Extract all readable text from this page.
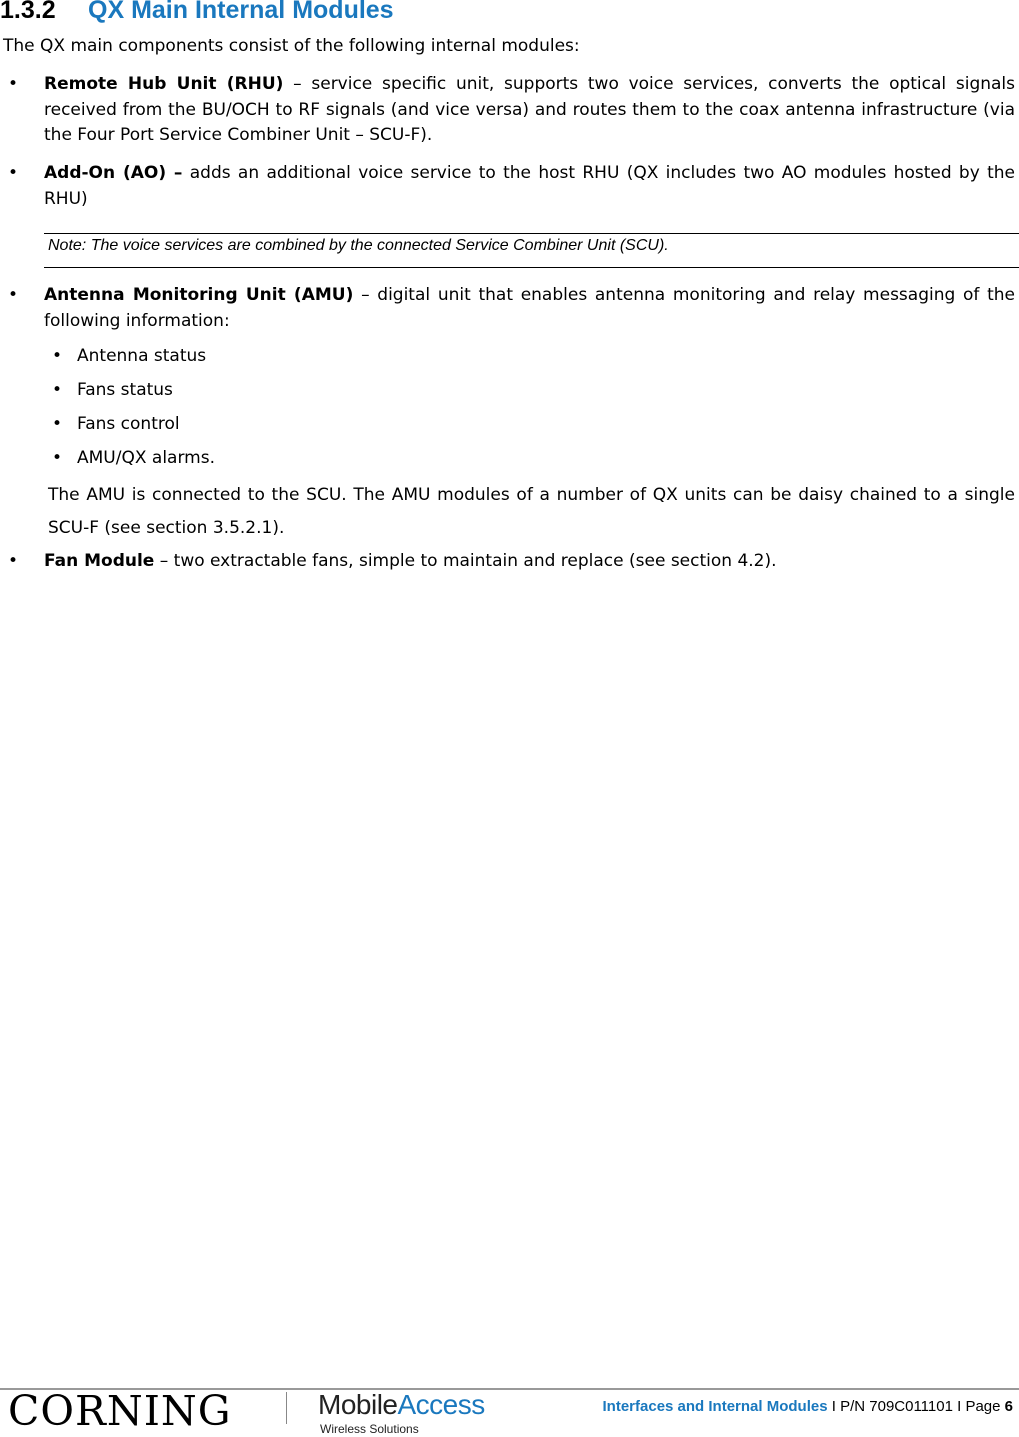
1.3.2 QX Main Internal Modules
The QX main components consist of the following internal modules:
• Remote Hub Unit (RHU) – service specific unit, supports two voice services, converts the optical signals received from the BU/OCH to RF signals (and vice versa) and routes them to the coax antenna infrastructure (via the Four Port Service Combiner Unit – SCU-F).
• Add-On (AO) – adds an additional voice service to the host RHU (QX includes two AO modules hosted by the RHU)
Note: The voice services are combined by the connected Service Combiner Unit (SCU).
• Antenna Monitoring Unit (AMU) – digital unit that enables antenna monitoring and relay messaging of the following information:
• Antenna status
• Fans status
• Fans control
• AMU/QX alarms.
The AMU is connected to the SCU. The AMU modules of a number of QX units can be daisy chained to a single SCU-F (see section 3.5.2.1).
• Fan Module – two extractable fans, simple to maintain and replace (see section 4.2).
CORNING	MobileAccess
Wireless Solutions
Interfaces and Internal Modules I P/N 709C011101 I Page 6
